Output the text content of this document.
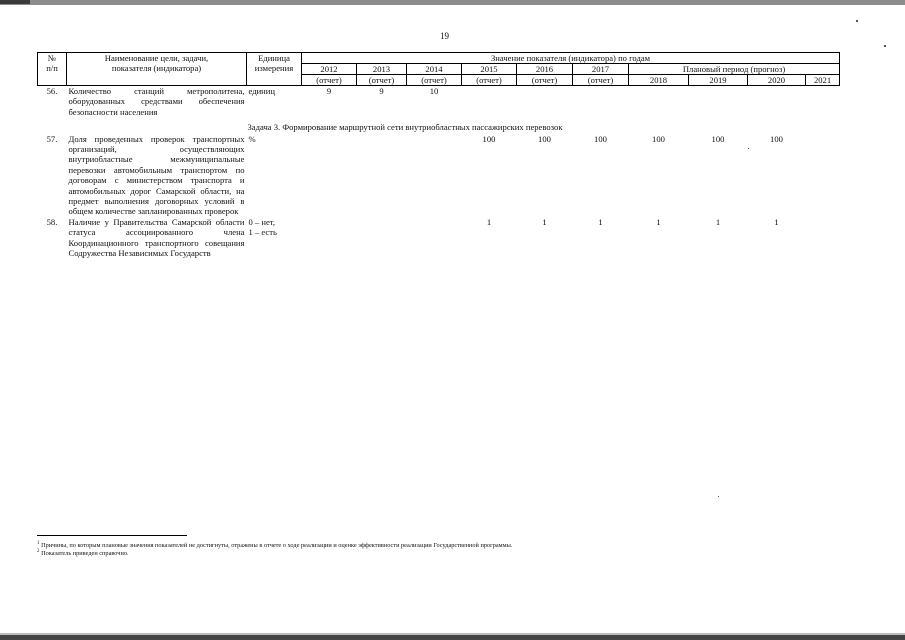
19
№
п/п	Наименование цели, задачи, показателя (индикатора)	Единица измерения	Значение показателя (индикатора) по годам									
			2012	2013	2014	2015	2016	2017	Плановый период (прогноз)			
			(отчет)	(отчет)	(отчет)	(отчет)	(отчет)	(отчет)	2018	2019	2020	2021
56.	Количество станций метрополитена, оборудованных средствами обеспечения безопасности населения	единиц	9	9	10							
Задача 3. Формирование маршрутной сети внутриобластных пассажирских перевозок												
57.	Доля проведенных проверок транспортных организаций, осуществляющих внутриобластные межмуниципальные перевозки автомобильным транспортом по договорам с министерством транспорта и автомобильных дорог Самарской области, на предмет выполнения договорных условий в общем количестве запланированных проверок	%				100	100	100	100	100	100	
58.	Наличие у Правительства Самарской области статуса ассоциированного члена Координационного транспортного совещания Содружества Независимых Государств	0 – нет,
1 – есть				1	1	1	1	1	1	
$^1$ Причины, по которым плановые значения показателей не достигнуты, отражены в отчете о ходе реализации и оценке эффективности реализации Государственной программы.
$^2$ Показатель приведен справочно.
